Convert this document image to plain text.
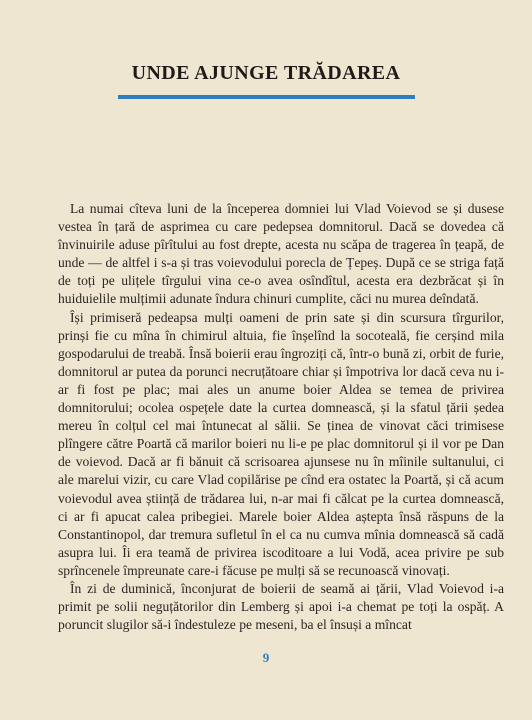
UNDE AJUNGE TRĂDAREA

La numai cîteva luni de la începerea domniei lui Vlad Voievod se și dusese vestea în țară de asprimea cu care pedepsea domnitorul. Dacă se dovedea că învinuirile aduse pîrîtului au fost drepte, acesta nu scăpa de tragerea în țeapă, de unde — de altfel i s-a și tras voievodului porecla de Țepeș. După ce se striga față de toți pe ulițele tîrgului vina ce-o avea osîndîtul, acesta era dezbrăcat și în huiduielile mulțimii adunate îndura chinuri cumplite, căci nu murea deîndată.

Își primiseră pedeapsa mulți oameni de prin sate și din scursura tîrgurilor, prinși fie cu mîna în chimirul altuia, fie înșelînd la socoteală, fie cerșind mila gospodarului de treabă. Însă boierii erau îngroziți că, într-o bună zi, orbit de furie, domnitorul ar putea da porunci necruțătoare chiar și împotriva lor dacă ceva nu i-ar fi fost pe plac; mai ales un anume boier Aldea se temea de privirea domnitorului; ocolea ospețele date la curtea domnească, și la sfatul țării ședea mereu în colțul cel mai întunecat al sălii. Se ținea de vinovat căci trimisese plîngere către Poartă că marilor boieri nu li-e pe plac domnitorul și il vor pe Dan de voievod. Dacă ar fi bănuit că scrisoarea ajunsese nu în mîinile sultanului, ci ale marelui vizir, cu care Vlad copilărise pe cînd era ostatec la Poartă, și că acum voievodul avea știință de trădarea lui, n-ar mai fi călcat pe la curtea domnească, ci ar fi apucat calea pribegiei. Marele boier Aldea aștepta însă răspuns de la Constantinopol, dar tremura sufletul în el ca nu cumva mînia domnească să cadă asupra lui. Îi era teamă de privirea iscoditoare a lui Vodă, acea privire pe sub sprîncenele împreunate care-i făcuse pe mulți să se recunoască vinovați.

În zi de duminică, înconjurat de boierii de seamă ai țării, Vlad Voievod i-a primit pe solii neguțătorilor din Lemberg și apoi i-a chemat pe toți la ospăț. A poruncit slugilor să-i îndestuleze pe meseni, ba el însuși a mîncat

9
